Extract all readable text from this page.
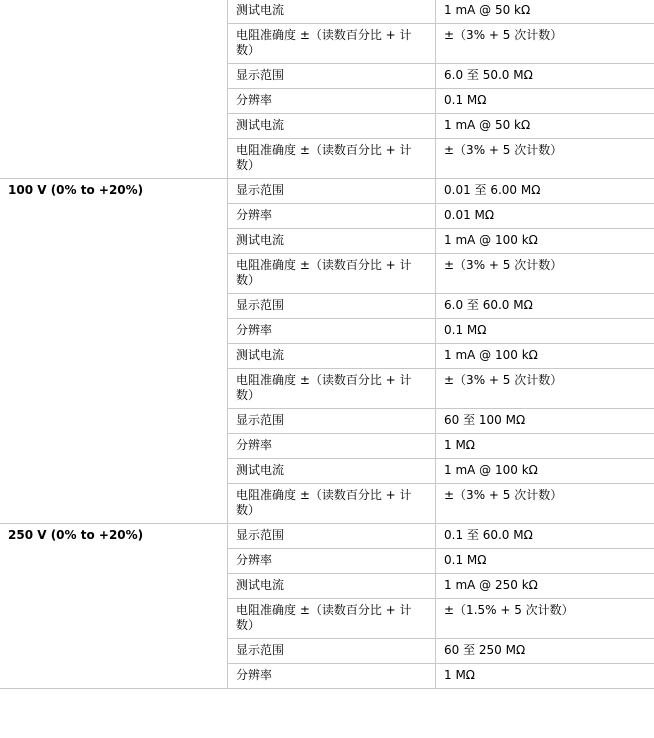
	测试电流	1 mA @ 50 kΩ
	电阻准确度 ±（读数百分比 + 计数）	±（3% + 5 次计数）
	显示范围	6.0 至 50.0 MΩ
	分辨率	0.1 MΩ
	测试电流	1 mA @ 50 kΩ
	电阻准确度 ±（读数百分比 + 计数）	±（3% + 5 次计数）
100 V (0% to +20%)	显示范围	0.01 至 6.00 MΩ
	分辨率	0.01 MΩ
	测试电流	1 mA @ 100 kΩ
	电阻准确度 ±（读数百分比 + 计数）	±（3% + 5 次计数）
	显示范围	6.0 至 60.0 MΩ
	分辨率	0.1 MΩ
	测试电流	1 mA @ 100 kΩ
	电阻准确度 ±（读数百分比 + 计数）	±（3% + 5 次计数）
	显示范围	60 至 100 MΩ
	分辨率	1 MΩ
	测试电流	1 mA @ 100 kΩ
	电阻准确度 ±（读数百分比 + 计数）	±（3% + 5 次计数）
250 V (0% to +20%)	显示范围	0.1 至 60.0 MΩ
	分辨率	0.1 MΩ
	测试电流	1 mA @ 250 kΩ
	电阻准确度 ±（读数百分比 + 计数）	±（1.5% + 5 次计数）
	显示范围	60 至 250 MΩ
	分辨率	1 MΩ
